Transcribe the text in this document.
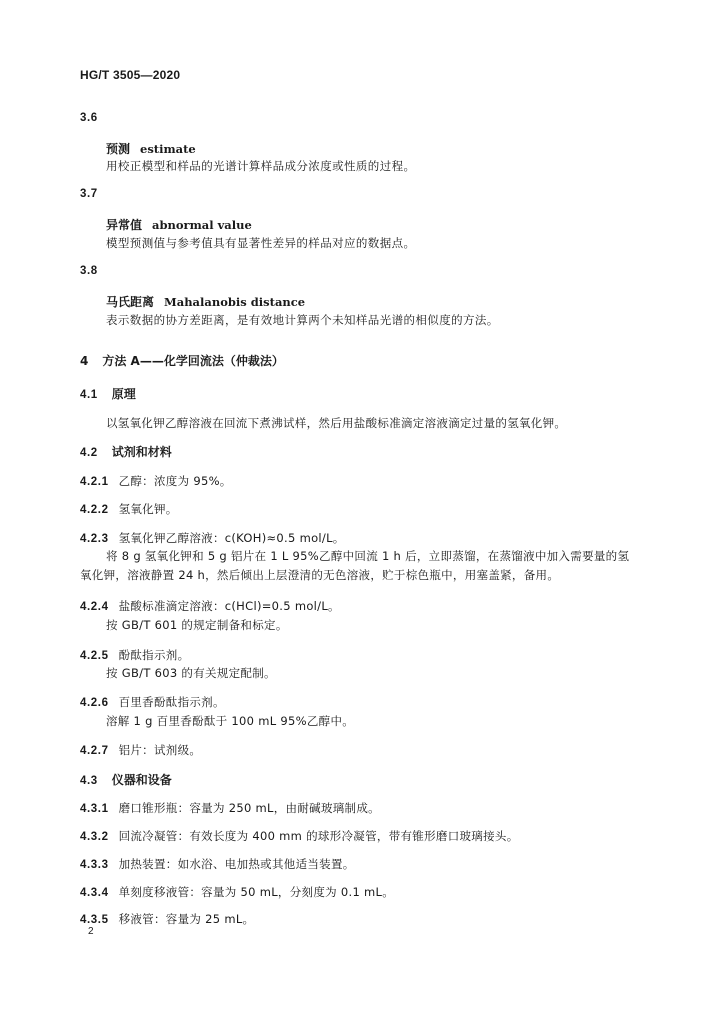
HG/T 3505—2020
3.6
预测 estimate
用校正模型和样品的光谱计算样品成分浓度或性质的过程。
3.7
异常值 abnormal value
模型预测值与参考值具有显著性差异的样品对应的数据点。
3.8
马氏距离 Mahalanobis distance
表示数据的协方差距离，是有效地计算两个未知样品光谱的相似度的方法。
4 方法 A——化学回流法（仲裁法）
4.1 原理
以氢氧化钾乙醇溶液在回流下煮沸试样，然后用盐酸标准滴定溶液滴定过量的氢氧化钾。
4.2 试剂和材料
4.2.1 乙醇：浓度为 95%。
4.2.2 氢氧化钾。
4.2.3 氢氧化钾乙醇溶液：c(KOH)≈0.5 mol/L。
将 8 g 氢氧化钾和 5 g 铝片在 1 L 95%乙醇中回流 1 h 后，立即蒸馏，在蒸馏液中加入需要量的氢
氧化钾，溶液静置 24 h，然后倾出上层澄清的无色溶液，贮于棕色瓶中，用塞盖紧，备用。
4.2.4 盐酸标准滴定溶液：c(HCl)=0.5 mol/L。
按 GB/T 601 的规定制备和标定。
4.2.5 酚酞指示剂。
按 GB/T 603 的有关规定配制。
4.2.6 百里香酚酞指示剂。
溶解 1 g 百里香酚酞于 100 mL 95%乙醇中。
4.2.7 铝片：试剂级。
4.3 仪器和设备
4.3.1 磨口锥形瓶：容量为 250 mL，由耐碱玻璃制成。
4.3.2 回流冷凝管：有效长度为 400 mm 的球形冷凝管，带有锥形磨口玻璃接头。
4.3.3 加热装置：如水浴、电加热或其他适当装置。
4.3.4 单刻度移液管：容量为 50 mL，分刻度为 0.1 mL。
4.3.5 移液管：容量为 25 mL。
2
